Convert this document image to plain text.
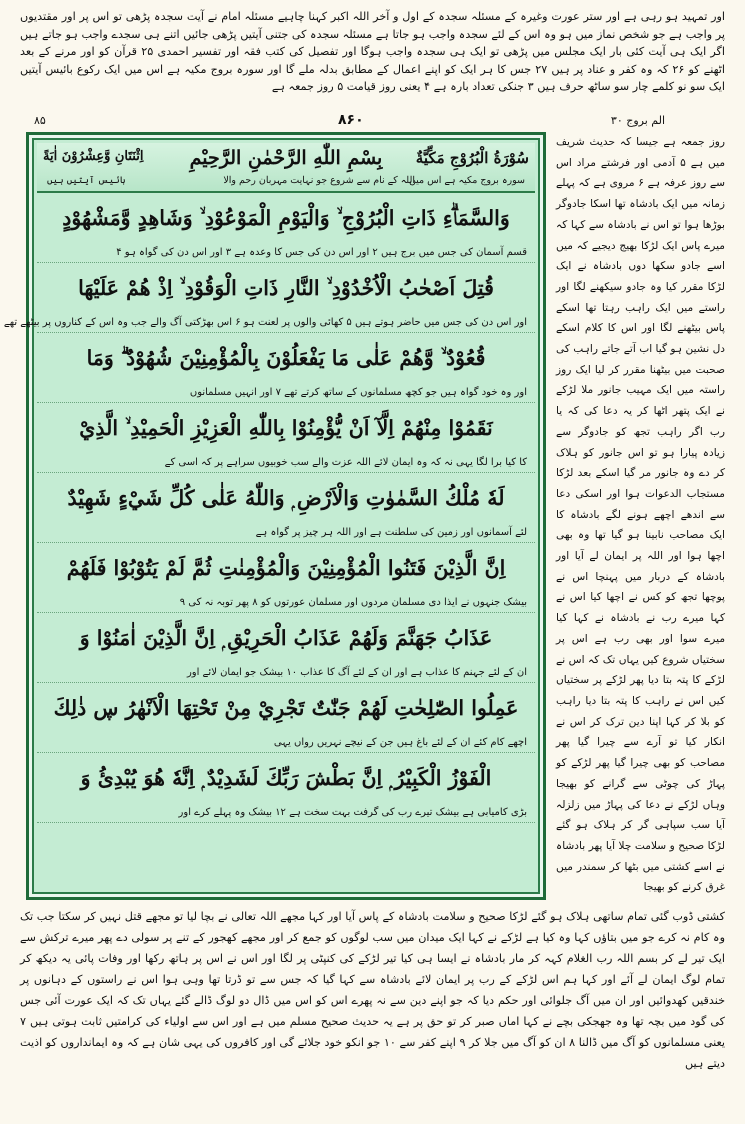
اور تمہید ہو رہی ہے اور ستر عورت وغیرہ کے مسئلہ سجدہ کے اول و آخر اللہ اکبر کہنا چاہیے مسئلہ امام نے آیت سجدہ پڑھی تو اس پر اور مقتدیوں پر واجب ہے جو شخص نماز میں ہو وہ اس کے لئے سجدہ واجب ہو جاتا ہے مسئلہ سجدہ کی جتنی آیتیں پڑھی جائیں اتنے ہی سجدے واجب ہو جاتے ہیں اگر ایک ہی آیت کئی بار ایک مجلس میں پڑھی تو ایک ہی سجدہ واجب ہوگا اور تفصیل کی کتب فقہ اور تفسیر احمدی ۲۵ قرآن کو اور مرنے کے بعد اٹھنے کو ۲۶ کہ وہ کفر و عناد پر ہیں ۲۷ جس کا ہر ایک کو اپنے اعمال کے مطابق بدلہ ملے گا اور سورہ بروج مکیہ ہے اس میں ایک رکوع بائیس آیتیں ایک سو نو کلمے چار سو ساٹھ حرف ہیں ۳ جنکی تعداد بارہ ہے ۴ یعنی روز قیامت ۵ روز جمعہ ہے

۸۵	۸۶۰	الم بروج ۳۰
سُوْرَةُ الْبُرُوْجِ مَكِّيَّةٌ
بِسْمِ اللّٰهِ الرَّحْمٰنِ الرَّحِيْمِ
اِثْنَتَانِ وَّعِشْرُوْنَ اٰيَةً
سورہ بروج مکیہ ہے اس میں
اللہ کے نام سے شروع جو نہایت مہربان رحم والا
بائیس آیتیں ہیں
وَالسَّمَاۗءِ ذَاتِ الْبُرُوْجِ ۙ وَالْيَوْمِ الْمَوْعُوْدِ ۙ وَشَاهِدٍ وَّمَشْهُوْدٍ
قسم آسمان کی جس میں برج ہیں ۲ اور اس دن کی جس کا وعدہ ہے ۳ اور اس دن کی گواہ ہو ۴
قُتِلَ اَصْحٰبُ الْاُخْدُوْدِ ۙ النَّارِ ذَاتِ الْوَقُوْدِ ۙ اِذْ هُمْ عَلَيْهَا
اور اس دن کی جس میں حاضر ہوتے ہیں ۵ کھائی والوں پر لعنت ہو ۶ اس بھڑکتی آگ والے جب وہ اس کے کناروں پر بیٹھے تھے
قُعُوْدٌ ۙ وَّهُمْ عَلٰى مَا يَفْعَلُوْنَ بِالْمُؤْمِنِيْنَ شُهُوْدٌ ۗ وَمَا
اور وہ خود گواہ ہیں جو کچھ مسلمانوں کے ساتھ کرتے تھے ۷ اور انہیں مسلمانوں
نَقَمُوْا مِنْهُمْ اِلَّآ اَنْ يُّؤْمِنُوْا بِاللّٰهِ الْعَزِيْزِ الْحَمِيْدِ ۙ الَّذِيْ
کا کیا برا لگا یہی نہ کہ وہ ایمان لائے اللہ عزت والے سب خوبیوں سراہے پر کہ اسی کے
لَهٗ مُلْكُ السَّمٰوٰتِ وَالْاَرْضِ ۭ وَاللّٰهُ عَلٰى كُلِّ شَيْءٍ شَهِيْدٌ
لئے آسمانوں اور زمین کی سلطنت ہے اور اللہ ہر چیز پر گواہ ہے
اِنَّ الَّذِيْنَ فَتَنُوا الْمُؤْمِنِيْنَ وَالْمُؤْمِنٰتِ ثُمَّ لَمْ يَتُوْبُوْا فَلَهُمْ
بیشک جنہوں نے ایذا دی مسلمان مردوں اور مسلمان عورتوں کو ۸ پھر توبہ نہ کی ۹
عَذَابُ جَهَنَّمَ وَلَهُمْ عَذَابُ الْحَرِيْقِ ۭ اِنَّ الَّذِيْنَ اٰمَنُوْا وَ
ان کے لئے جہنم کا عذاب ہے اور ان کے لئے آگ کا عذاب ۱۰ بیشک جو ایمان لائے اور
عَمِلُوا الصّٰلِحٰتِ لَهُمْ جَنّٰتٌ تَجْرِيْ مِنْ تَحْتِهَا الْاَنْهٰرُ ڛ ذٰلِكَ
اچھے کام کئے ان کے لئے باغ ہیں جن کے نیچے نہریں رواں یہی
الْفَوْزُ الْكَبِيْرُ ۭ اِنَّ بَطْشَ رَبِّكَ لَشَدِيْدٌ ۭ اِنَّهٗ هُوَ يُبْدِئُ وَ
بڑی کامیابی ہے بیشک تیرے رب کی گرفت بہت سخت ہے ۱۲ بیشک وہ پہلے کرے اور

روز جمعہ ہے جیسا کہ حدیث شریف میں ہے ۵ آدمی اور فرشتے مراد اس سے روز عرفہ ہے ۶ مروی ہے کہ پہلے زمانہ میں ایک بادشاہ تھا اسکا جادوگر بوڑھا ہوا تو اس نے بادشاہ سے کہا کہ میرے پاس ایک لڑکا بھیج دیجیے کہ میں اسے جادو سکھا دوں بادشاہ نے ایک لڑکا مقرر کیا وہ جادو سیکھنے لگا اور راستے میں ایک راہب رہتا تھا اسکے پاس بیٹھنے لگا اور اس کا کلام اسکے دل نشین ہو گیا اب آتے جاتے راہب کی صحبت میں بیٹھنا مقرر کر لیا ایک روز راستہ میں ایک مہیب جانور ملا لڑکے نے ایک پتھر اٹھا کر یہ دعا کی کہ یا رب اگر راہب تجھ کو جادوگر سے زیادہ پیارا ہو تو اس جانور کو ہلاک کر دے وہ جانور مر گیا اسکے بعد لڑکا مستجاب الدعوات ہوا اور اسکی دعا سے اندھے اچھے ہونے لگے بادشاہ کا ایک مصاحب نابینا ہو گیا تھا وہ بھی اچھا ہوا اور اللہ پر ایمان لے آیا اور بادشاہ کے دربار میں پہنچا اس نے پوچھا تجھ کو کس نے اچھا کیا اس نے کہا میرے رب نے بادشاہ نے کہا کیا میرے سوا اور بھی رب ہے اس پر سختیاں شروع کیں یہاں تک کہ اس نے لڑکے کا پتہ بتا دیا پھر لڑکے پر سختیاں کیں اس نے راہب کا پتہ بتا دیا راہب کو بلا کر کہا اپنا دین ترک کر اس نے انکار کیا تو آرے سے چیرا گیا پھر مصاحب کو بھی چیرا گیا پھر لڑکے کو پہاڑ کی چوٹی سے گرانے کو بھیجا وہاں لڑکے نے دعا کی پہاڑ میں زلزلہ آیا سب سپاہی گر کر ہلاک ہو گئے لڑکا صحیح و سلامت چلا آیا پھر بادشاہ نے اسے کشتی میں بٹھا کر سمندر میں غرق کرنے کو بھیجا

کشتی ڈوب گئی تمام ساتھی ہلاک ہو گئے لڑکا صحیح و سلامت بادشاہ کے پاس آیا اور کہا مجھے اللہ تعالی نے بچا لیا تو مجھے قتل نہیں کر سکتا جب تک وہ کام نہ کرے جو میں بتاؤں کہا وہ کیا ہے لڑکے نے کہا ایک میدان میں سب لوگوں کو جمع کر اور مجھے کھجور کے تنے پر سولی دے پھر میرے ترکش سے ایک تیر لے کر بسم اللہ رب الغلام کہہ کر مار بادشاہ نے ایسا ہی کیا تیر لڑکے کی کنپٹی پر لگا اور اس نے اس پر ہاتھ رکھا اور وفات پائی یہ دیکھ کر تمام لوگ ایمان لے آئے اور کہا ہم اس لڑکے کے رب پر ایمان لائے بادشاہ سے کہا گیا کہ جس سے تو ڈرتا تھا وہی ہوا اس نے راستوں کے دہانوں پر خندقیں کھدوائیں اور ان میں آگ جلوائی اور حکم دیا کہ جو اپنے دین سے نہ پھرے اس کو اس میں ڈال دو لوگ ڈالے گئے یہاں تک کہ ایک عورت آئی جس کی گود میں بچہ تھا وہ جھجکی بچے نے کہا اماں صبر کر تو حق پر ہے یہ حدیث صحیح مسلم میں ہے اور اس سے اولیاء کی کرامتیں ثابت ہوتی ہیں ۷ یعنی مسلمانوں کو آگ میں ڈالنا ۸ ان کو آگ میں جلا کر ۹ اپنے کفر سے ۱۰ جو انکو خود جلائے گی اور کافروں کی یہی شان ہے کہ وہ ایمانداروں کو اذیت دیتے ہیں
